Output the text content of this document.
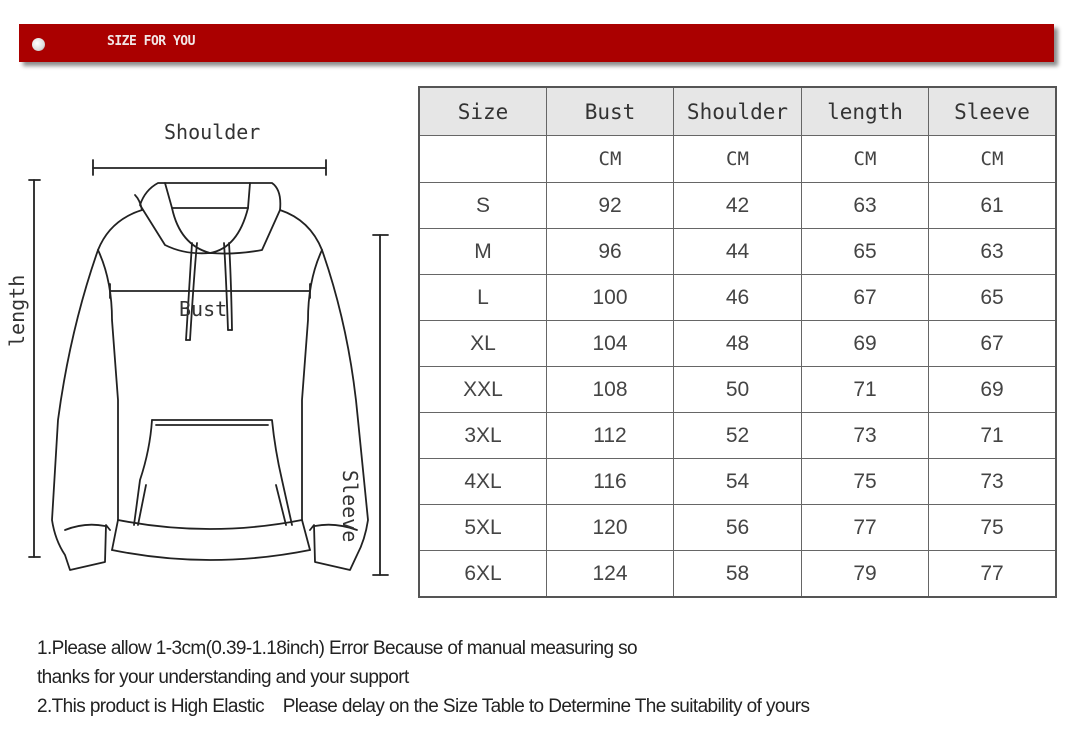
SIZE FOR YOU
Shoulder
Bust
length
Sleeve
Size	Bust	Shoulder	length	Sleeve
	CM	CM	CM	CM
S	92	42	63	61
M	96	44	65	63
L	100	46	67	65
XL	104	48	69	67
XXL	108	50	71	69
3XL	112	52	73	71
4XL	116	54	75	73
5XL	120	56	77	75
6XL	124	58	79	77
1.Please allow 1-3cm(0.39-1.18inch) Error Because of manual measuring so
thanks for your understanding and your support
2.This product is High Elastic    Please delay on the Size Table to Determine The suitability of yours
